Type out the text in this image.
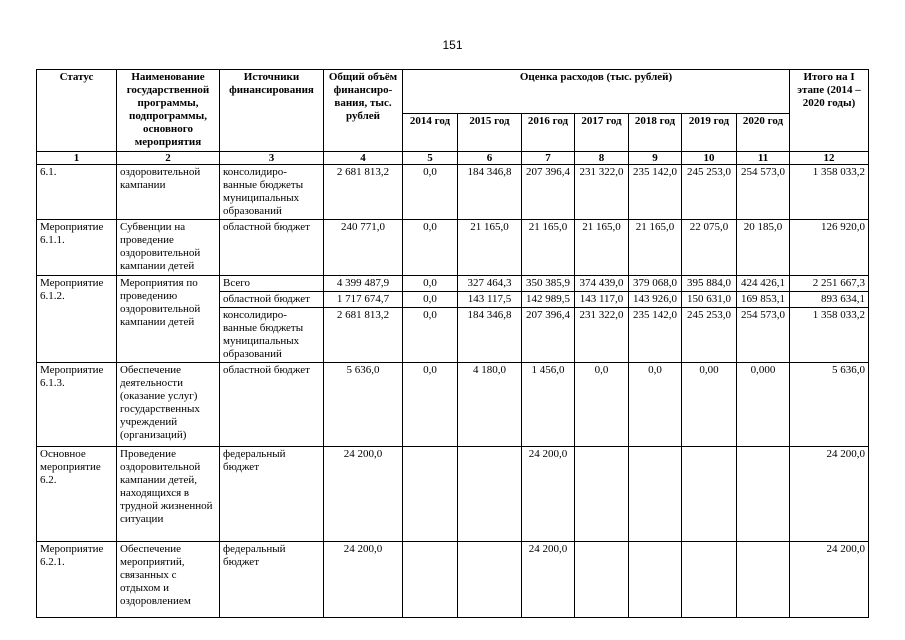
151
Статус	Наименование государственной программы, подпрограммы, основного мероприятия	Источники финансирования	Общий объём финансиро-вания, тыс. рублей	Оценка расходов (тыс. рублей)							Итого на I этапе (2014 – 2020 годы)
				2014 год	2015 год	2016 год	2017 год	2018 год	2019 год	2020 год	
1	2	3	4	5	6	7	8	9	10	11	12
6.1.	оздоровительной кампании	консолидиро-ванные бюджеты муниципальных образований	2 681 813,2	0,0	184 346,8	207 396,4	231 322,0	235 142,0	245 253,0	254 573,0	1 358 033,2
Мероприятие 6.1.1.	Субвенции на проведение оздоровительной кампании детей	областной бюджет	240 771,0	0,0	21 165,0	21 165,0	21 165,0	21 165,0	22 075,0	20 185,0	126 920,0
Мероприятие 6.1.2.	Мероприятия по проведению оздоровительной кампании детей	Всего	4 399 487,9	0,0	327 464,3	350 385,9	374 439,0	379 068,0	395 884,0	424 426,1	2 251 667,3
		областной бюджет	1 717 674,7	0,0	143 117,5	142 989,5	143 117,0	143 926,0	150 631,0	169 853,1	893 634,1
		консолидиро-ванные бюджеты муниципальных образований	2 681 813,2	0,0	184 346,8	207 396,4	231 322,0	235 142,0	245 253,0	254 573,0	1 358 033,2
Мероприятие 6.1.3.	Обеспечение деятельности (оказание услуг) государственных учреждений (организаций)	областной бюджет	5 636,0	0,0	4 180,0	1 456,0	0,0	0,0	0,00	0,000	5 636,0
Основное мероприятие 6.2.	Проведение оздоровительной кампании детей, находящихся в трудной жизненной ситуации	федеральный бюджет	24 200,0			24 200,0					24 200,0
Мероприятие 6.2.1.	Обеспечение мероприятий, связанных с отдыхом и оздоровлением	федеральный бюджет	24 200,0			24 200,0					24 200,0
